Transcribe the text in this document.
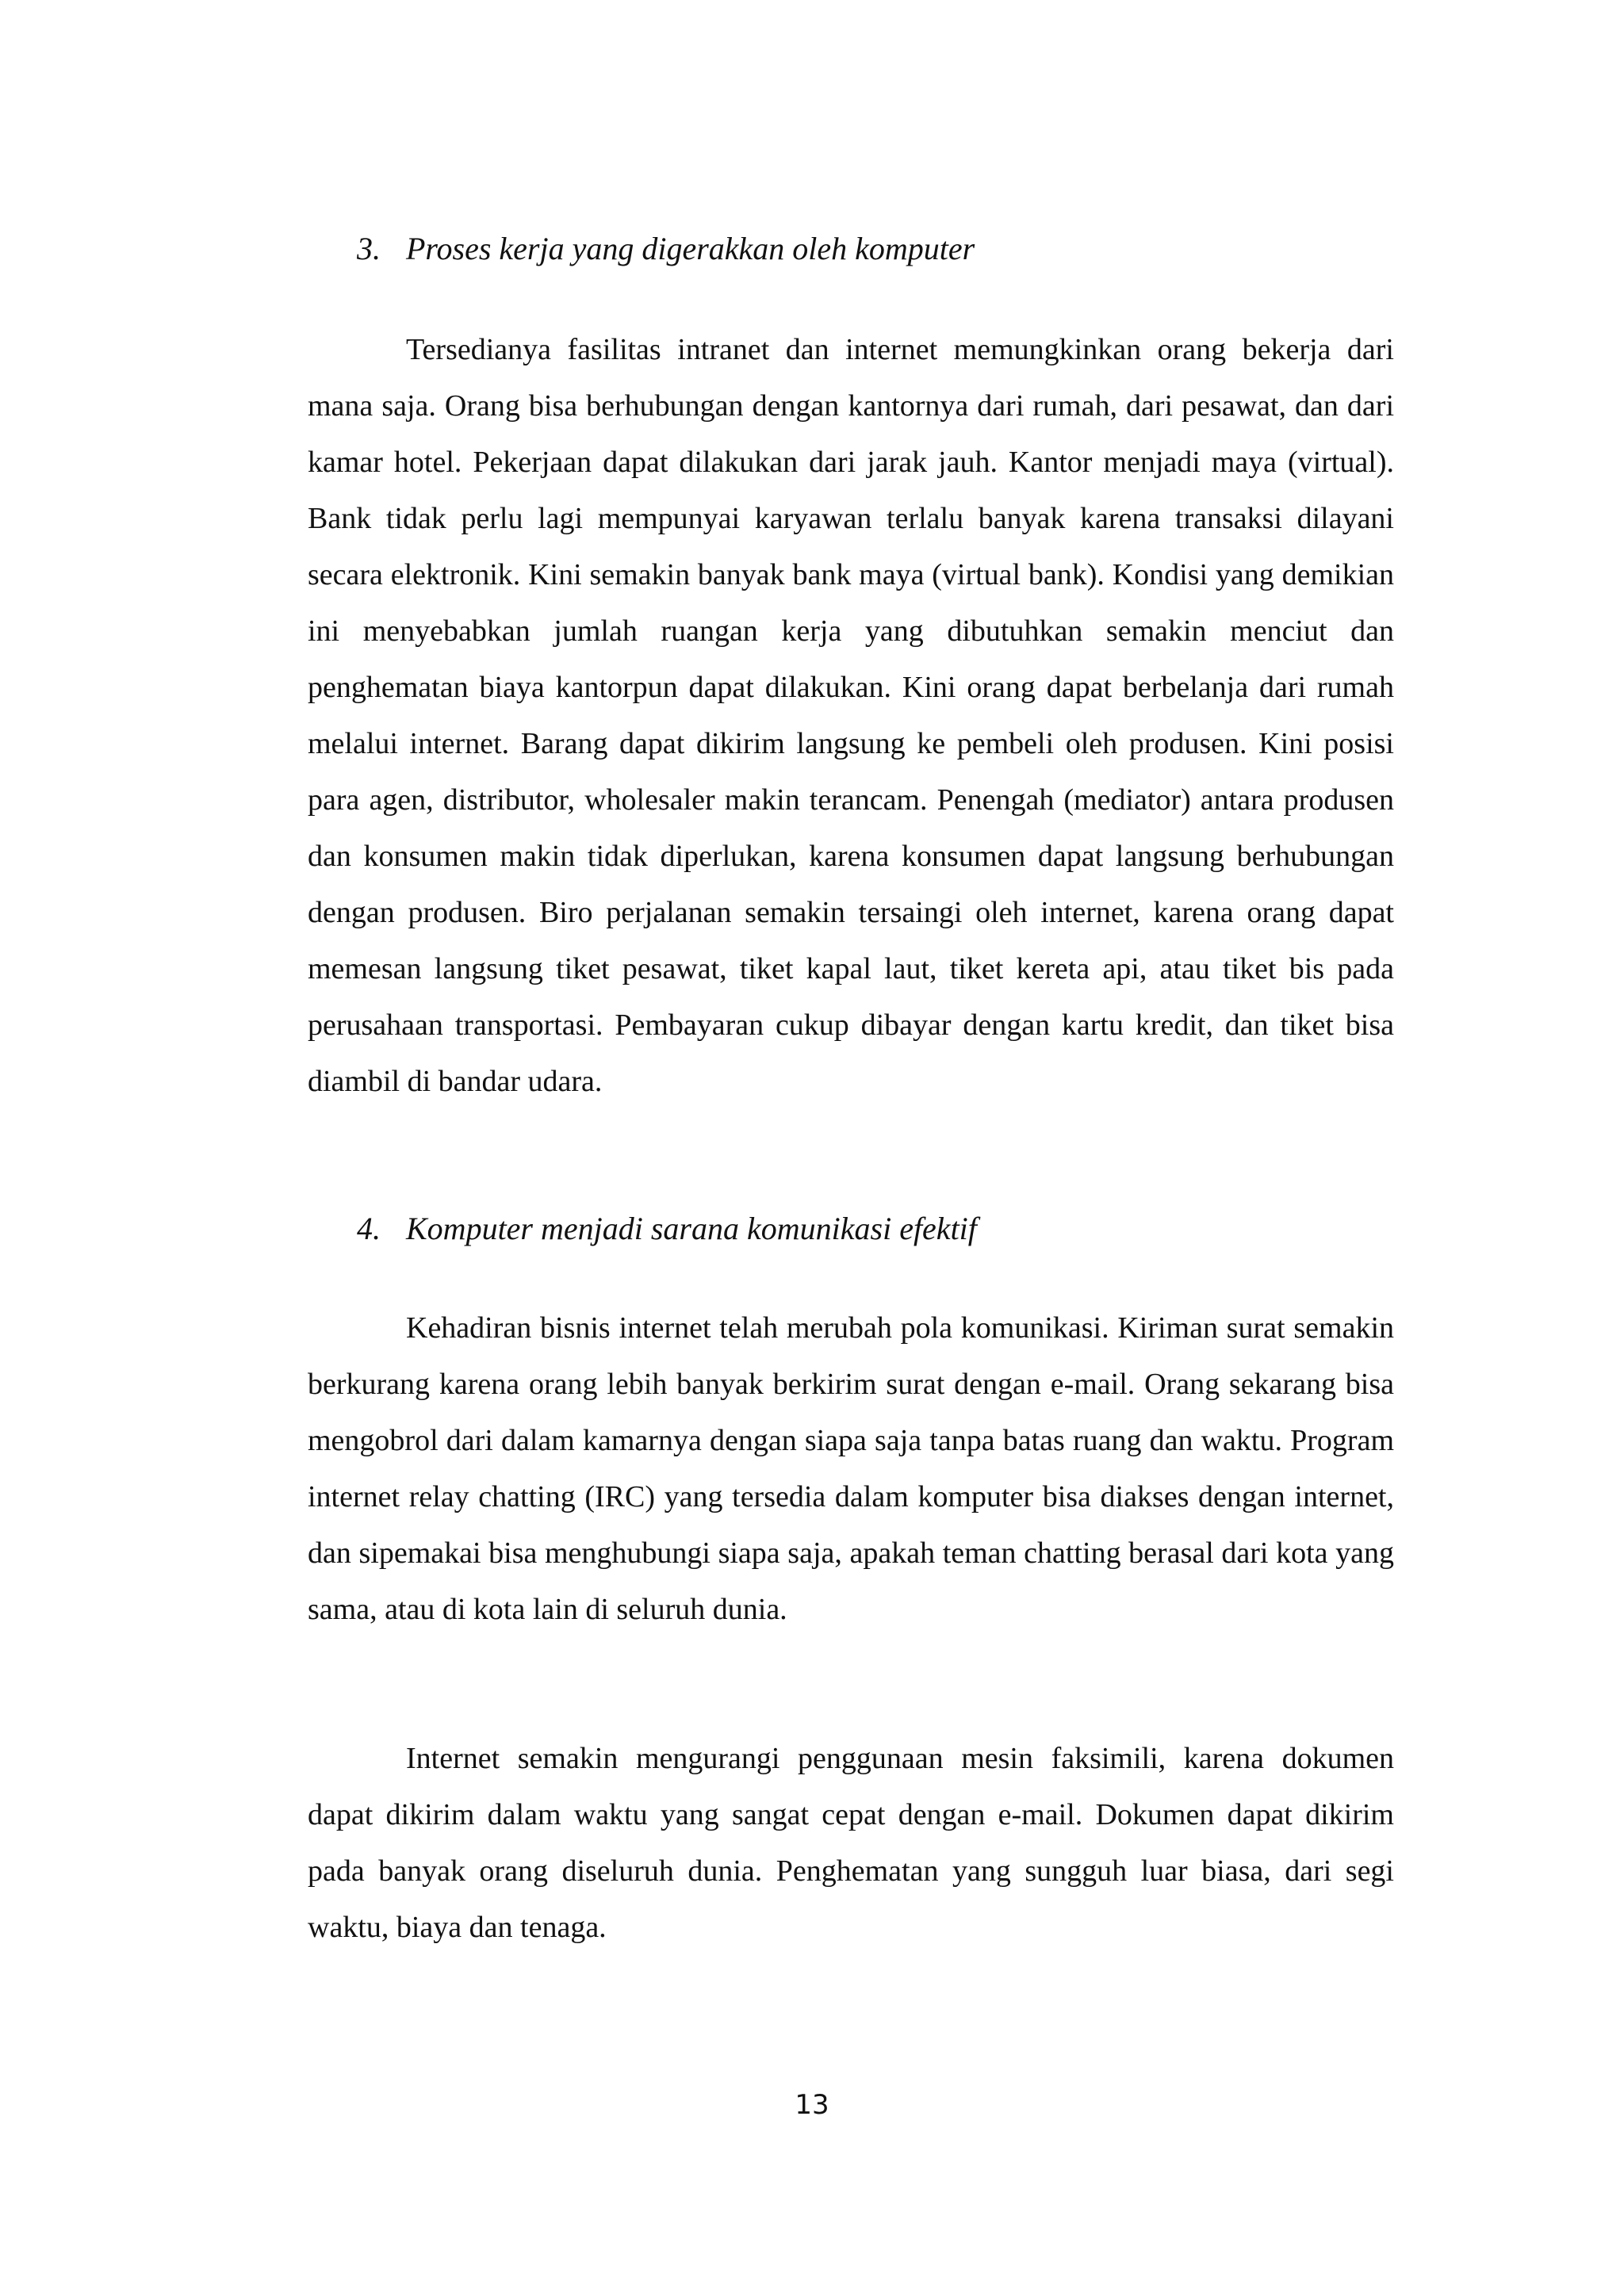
3. Proses kerja yang digerakkan oleh komputer

Tersedianya fasilitas intranet dan internet memungkinkan orang bekerja dari mana saja. Orang bisa berhubungan dengan kantornya dari rumah, dari pesawat, dan dari kamar hotel. Pekerjaan dapat dilakukan dari jarak jauh. Kantor menjadi maya (virtual). Bank tidak perlu lagi mempunyai karyawan terlalu banyak karena transaksi dilayani secara elektronik. Kini semakin banyak bank maya (virtual bank). Kondisi yang demikian ini menyebabkan jumlah ruangan kerja yang dibutuhkan semakin menciut dan penghematan biaya kantorpun dapat dilakukan. Kini orang dapat berbelanja dari rumah melalui internet. Barang dapat dikirim langsung ke pembeli oleh produsen. Kini posisi para agen, distributor, wholesaler makin terancam. Penengah (mediator) antara produsen dan konsumen makin tidak diperlukan, karena konsumen dapat langsung berhubungan dengan produsen. Biro perjalanan semakin tersaingi oleh internet, karena orang dapat memesan langsung tiket pesawat, tiket kapal laut, tiket kereta api, atau tiket bis pada perusahaan transportasi. Pembayaran cukup dibayar dengan kartu kredit, dan tiket bisa diambil di bandar udara.

4. Komputer menjadi sarana komunikasi efektif

Kehadiran bisnis internet telah merubah pola komunikasi. Kiriman surat semakin berkurang karena orang lebih banyak berkirim surat dengan e-mail. Orang sekarang bisa mengobrol dari dalam kamarnya dengan siapa saja tanpa batas ruang dan waktu. Program internet relay chatting (IRC) yang tersedia dalam komputer bisa diakses dengan internet, dan sipemakai bisa menghubungi siapa saja, apakah teman chatting berasal dari kota yang sama, atau di kota lain di seluruh dunia.

Internet semakin mengurangi penggunaan mesin faksimili, karena dokumen dapat dikirim dalam waktu yang sangat cepat dengan e-mail. Dokumen dapat dikirim pada banyak orang diseluruh dunia. Penghematan yang sungguh luar biasa, dari segi waktu, biaya dan tenaga.

13
